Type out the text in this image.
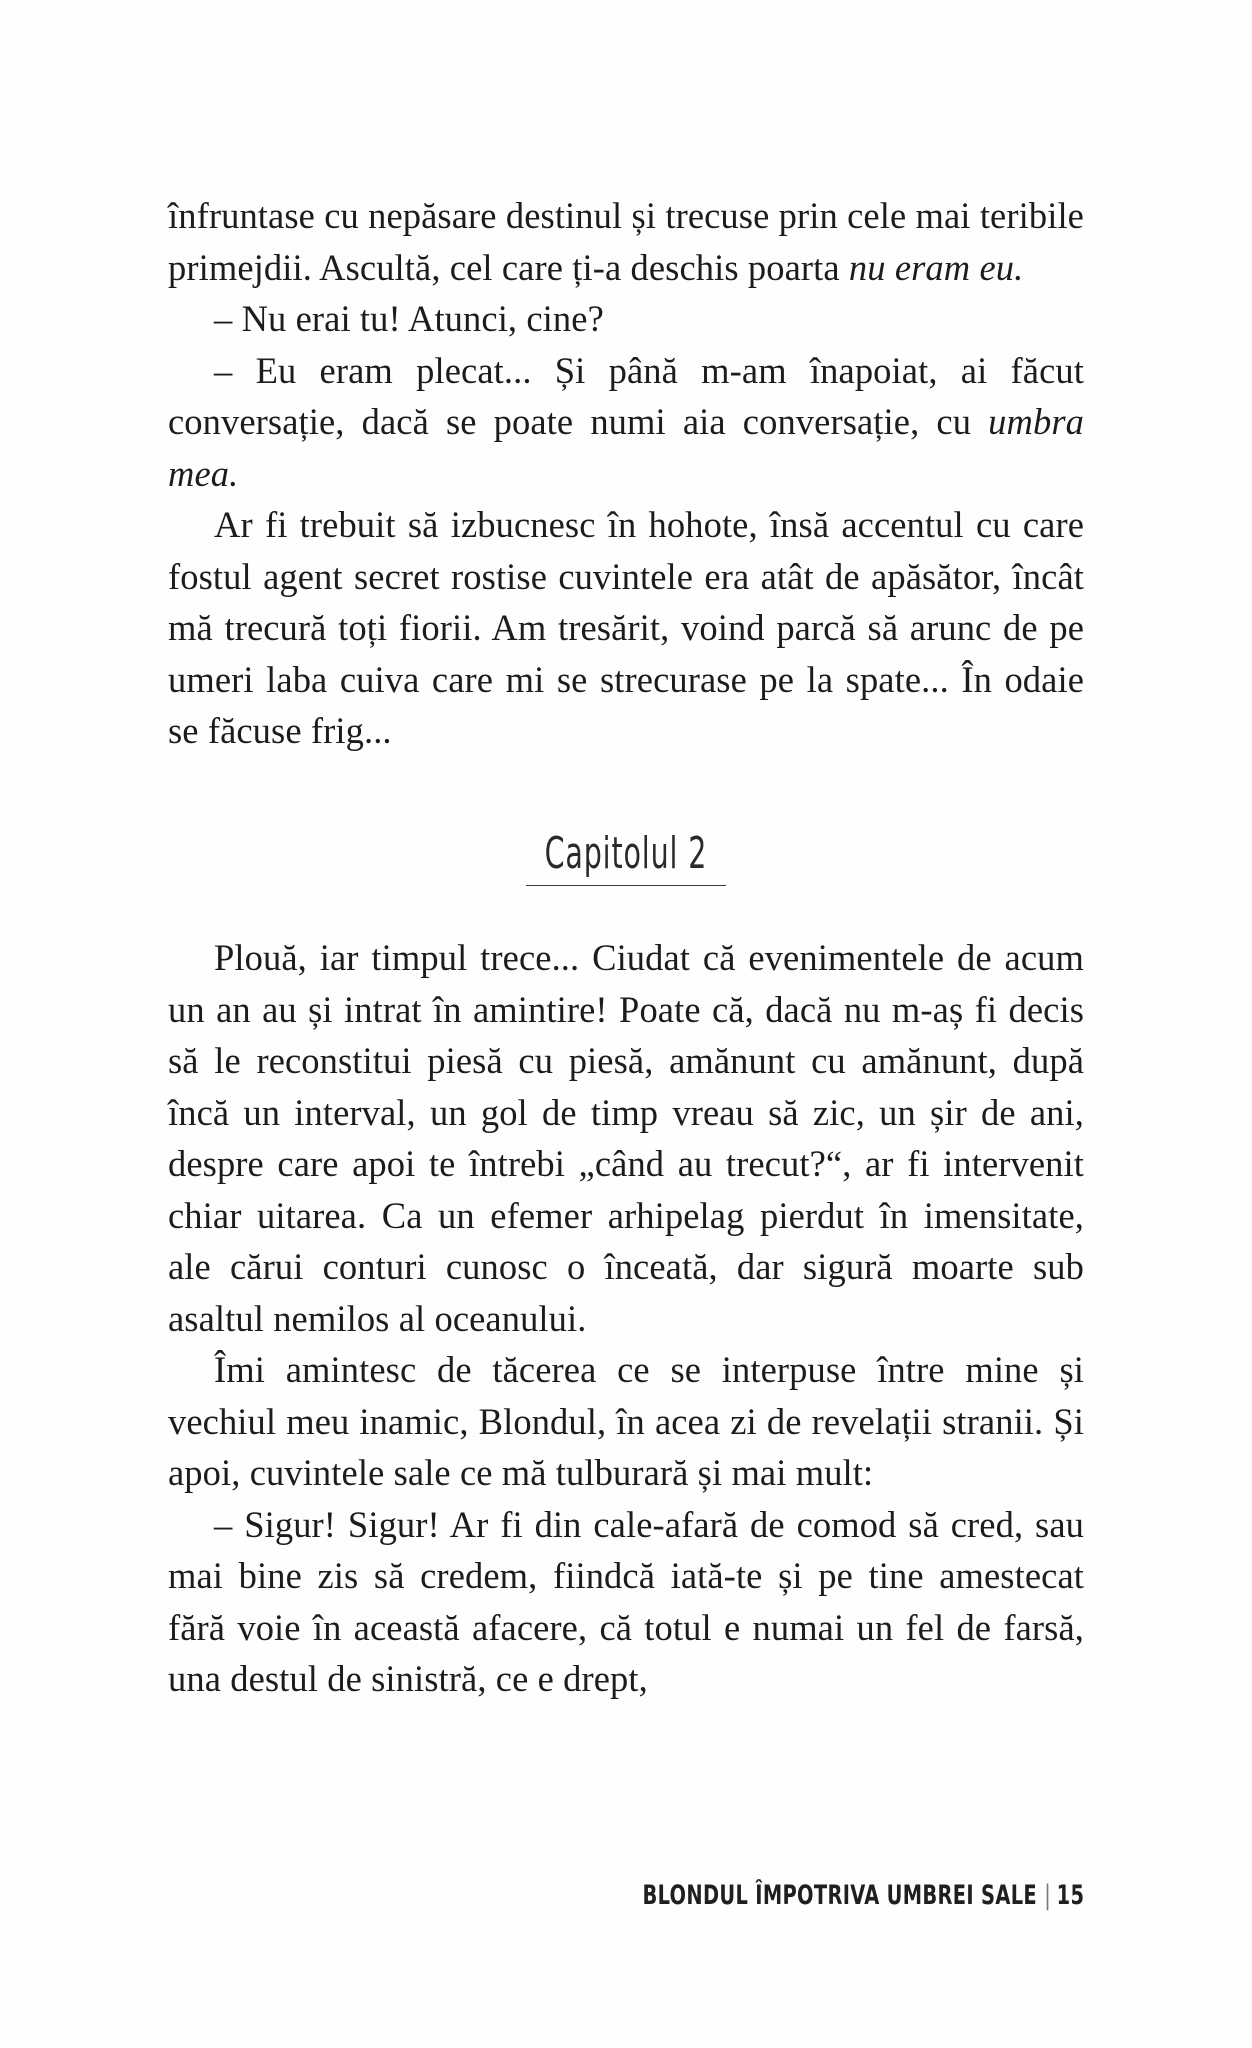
înfruntase cu nepăsare destinul și trecuse prin cele mai teribile primejdii. Ascultă, cel care ți-a deschis poarta nu eram eu.

– Nu erai tu! Atunci, cine?

– Eu eram plecat... Și până m-am înapoiat, ai făcut conversație, dacă se poate numi aia conversație, cu umbra mea.

Ar fi trebuit să izbucnesc în hohote, însă accentul cu care fostul agent secret rostise cuvintele era atât de apăsător, încât mă trecură toți fiorii. Am tresărit, voind parcă să arunc de pe umeri laba cuiva care mi se strecurase pe la spate... În odaie se făcuse frig...

Capitolul 2

Plouă, iar timpul trece... Ciudat că evenimentele de acum un an au și intrat în amintire! Poate că, dacă nu m-aș fi decis să le reconstitui piesă cu piesă, amănunt cu amănunt, după încă un interval, un gol de timp vreau să zic, un șir de ani, despre care apoi te întrebi „când au trecut?“, ar fi intervenit chiar uitarea. Ca un efemer arhipelag pierdut în imensitate, ale cărui conturi cunosc o înceată, dar sigură moarte sub asaltul nemilos al oceanului.

Îmi amintesc de tăcerea ce se interpuse între mine și vechiul meu inamic, Blondul, în acea zi de revelații stranii. Și apoi, cuvintele sale ce mă tulburară și mai mult:

– Sigur! Sigur! Ar fi din cale-afară de comod să cred, sau mai bine zis să credem, fiindcă iată-te și pe tine amestecat fără voie în această afacere, că totul e numai un fel de farsă, una destul de sinistră, ce e drept,

BLONDUL ÎMPOTRIVA UMBREI SALE | 15
